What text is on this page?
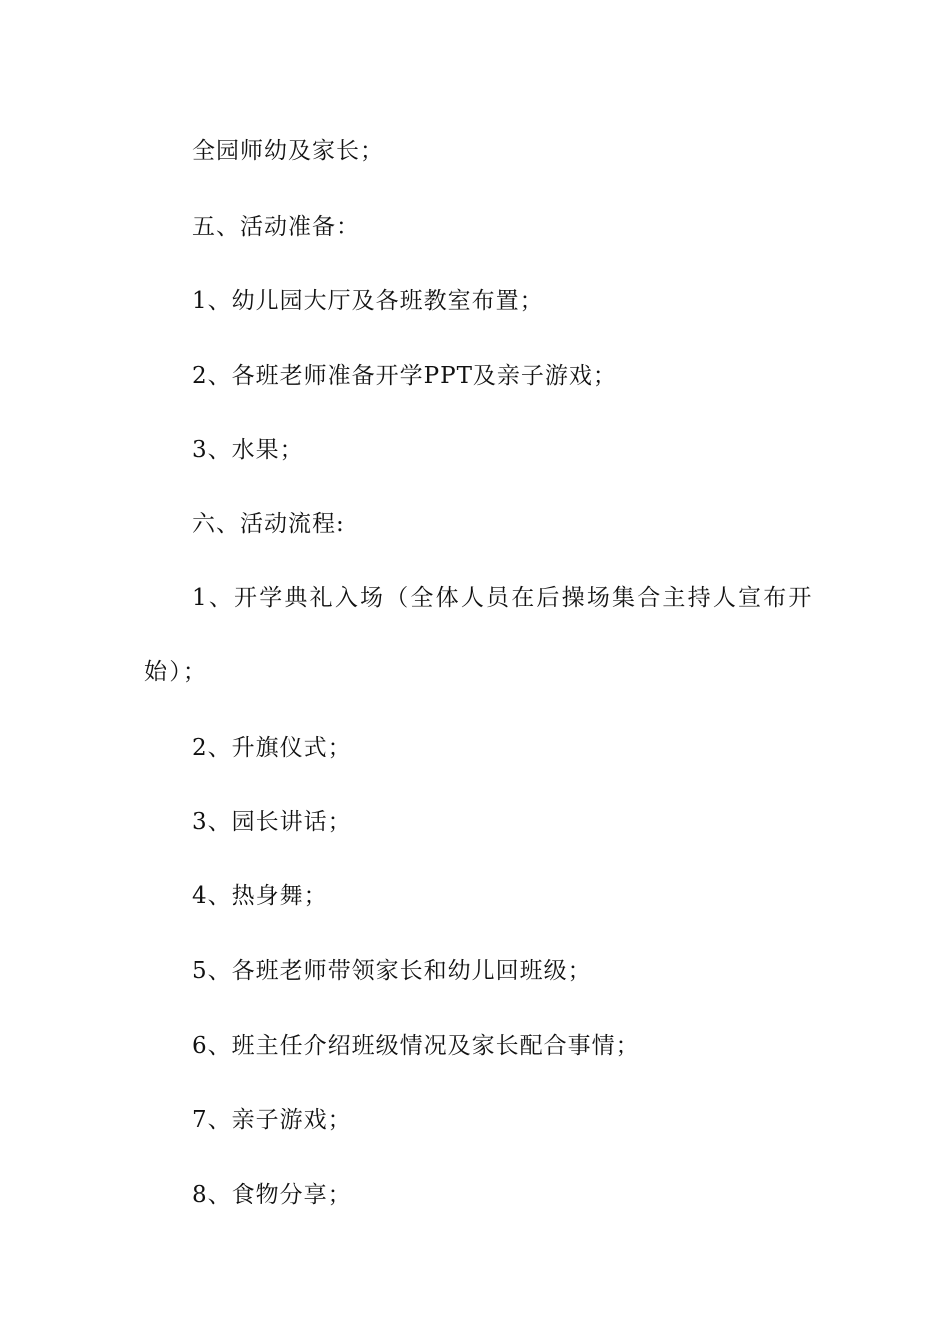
全园师幼及家长；

五、活动准备：

1、幼儿园大厅及各班教室布置；

2、各班老师准备开学PPT及亲子游戏；

3、水果；

六、活动流程:

1、开学典礼入场（全体人员在后操场集合主持人宣布开始）；

2、升旗仪式；

3、园长讲话；

4、热身舞；

5、各班老师带领家长和幼儿回班级；

6、班主任介绍班级情况及家长配合事情；

7、亲子游戏；

8、食物分享；
